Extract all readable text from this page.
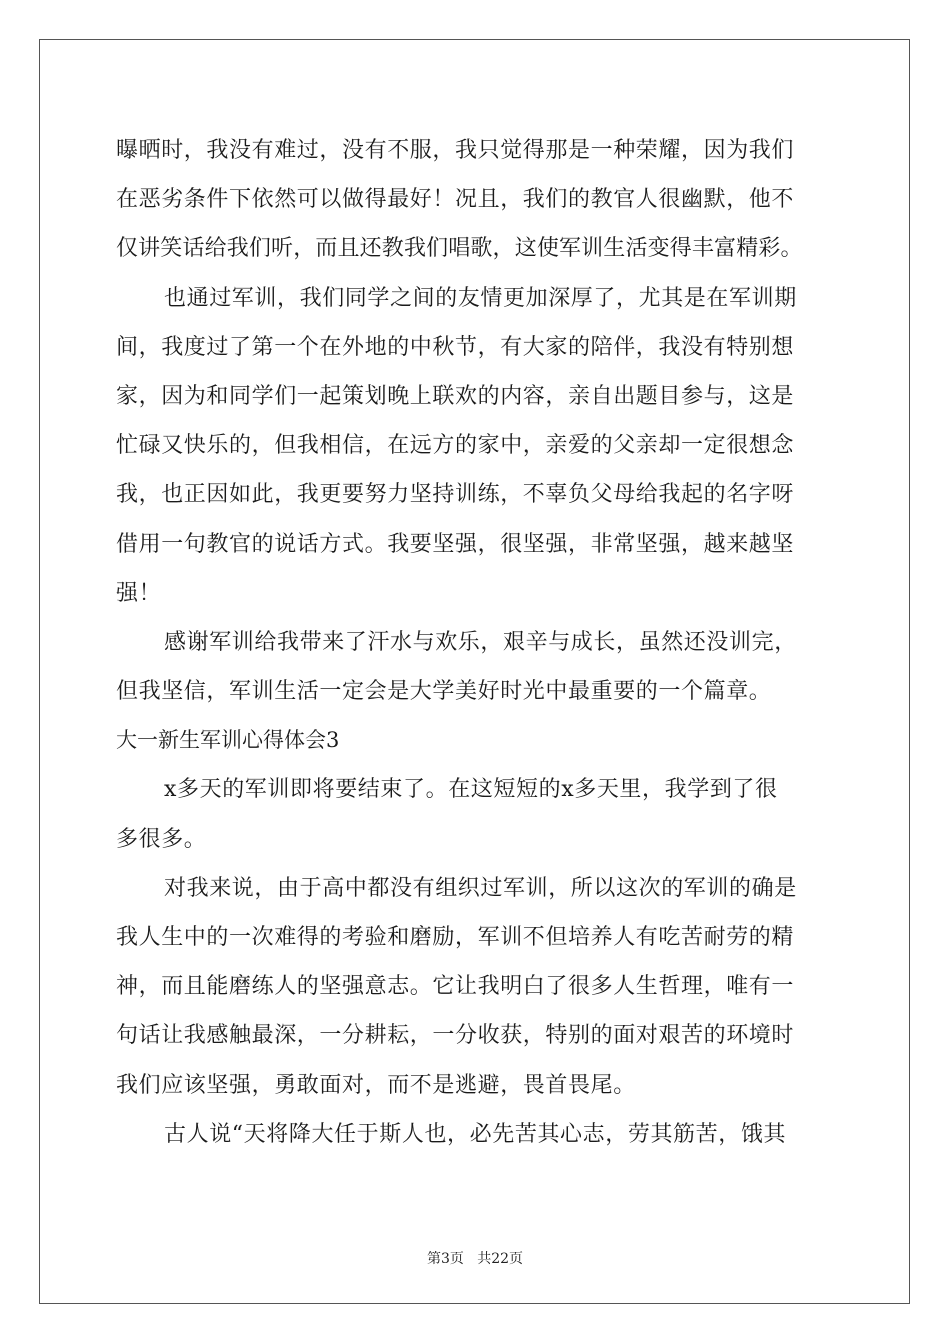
曝晒时，我没有难过，没有不服，我只觉得那是一种荣耀，因为我们
在恶劣条件下依然可以做得最好！况且，我们的教官人很幽默，他不
仅讲笑话给我们听，而且还教我们唱歌，这使军训生活变得丰富精彩。
也通过军训，我们同学之间的友情更加深厚了，尤其是在军训期
间，我度过了第一个在外地的中秋节，有大家的陪伴，我没有特别想
家，因为和同学们一起策划晚上联欢的内容，亲自出题目参与，这是
忙碌又快乐的，但我相信，在远方的家中，亲爱的父亲却一定很想念
我，也正因如此，我更要努力坚持训练，不辜负父母给我起的名字呀
借用一句教官的说话方式。我要坚强，很坚强，非常坚强，越来越坚
强！
感谢军训给我带来了汗水与欢乐，艰辛与成长，虽然还没训完，
但我坚信，军训生活一定会是大学美好时光中最重要的一个篇章。
大一新生军训心得体会3
x多天的军训即将要结束了。在这短短的x多天里，我学到了很
多很多。
对我来说，由于高中都没有组织过军训，所以这次的军训的确是
我人生中的一次难得的考验和磨励，军训不但培养人有吃苦耐劳的精
神，而且能磨练人的坚强意志。它让我明白了很多人生哲理，唯有一
句话让我感触最深，一分耕耘，一分收获，特别的面对艰苦的环境时
我们应该坚强，勇敢面对，而不是逃避，畏首畏尾。
古人说“天将降大任于斯人也，必先苦其心志，劳其筋苦，饿其
第3页   共22页
